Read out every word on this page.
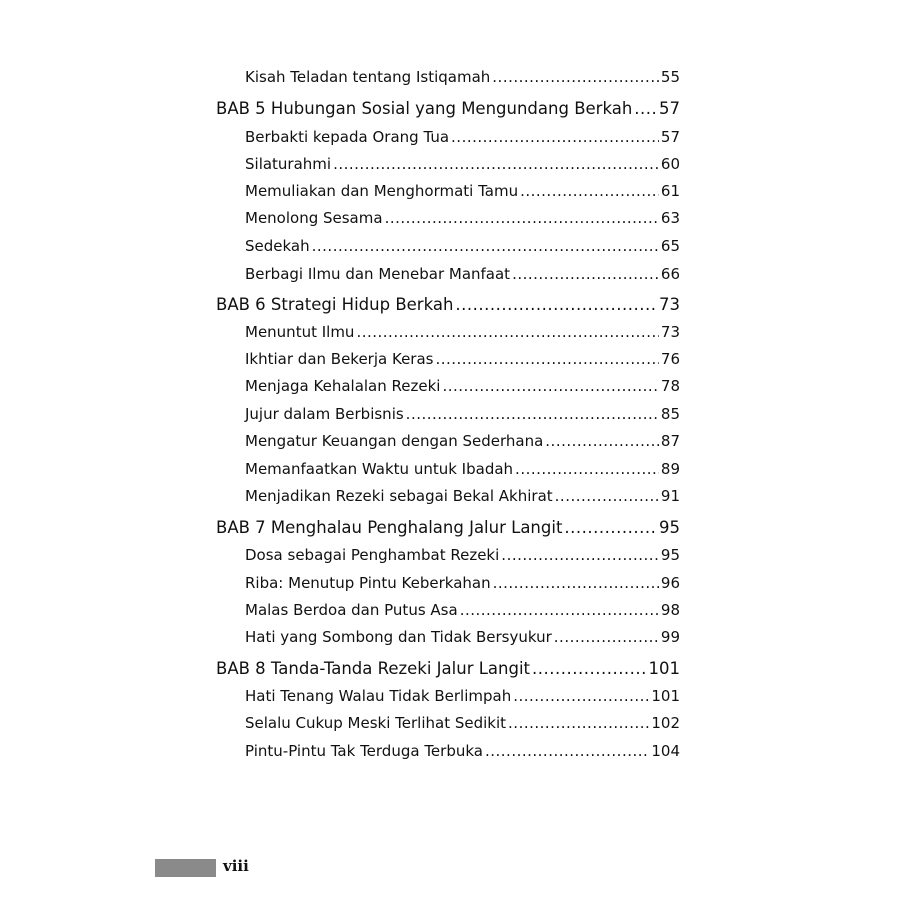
Kisah Teladan tentang Istiqamah .....	55
BAB 5 Hubungan Sosial yang Mengundang Berkah ..... 57
Berbakti kepada Orang Tua .....	57
Silaturahmi .....	60
Memuliakan dan Menghormati Tamu .....	61
Menolong Sesama .....	63
Sedekah .....	65
Berbagi Ilmu dan Menebar Manfaat .....	66
BAB 6 Strategi Hidup Berkah .....	73
Menuntut Ilmu .....	73
Ikhtiar dan Bekerja Keras .....	76
Menjaga Kehalalan Rezeki .....	78
Jujur dalam Berbisnis .....	85
Mengatur Keuangan dengan Sederhana .....	87
Memanfaatkan Waktu untuk Ibadah .....	89
Menjadikan Rezeki sebagai Bekal Akhirat .....	91
BAB 7 Menghalau Penghalang Jalur Langit .....	95
Dosa sebagai Penghambat Rezeki .....	95
Riba: Menutup Pintu Keberkahan .....	96
Malas Berdoa dan Putus Asa .....	98
Hati yang Sombong dan Tidak Bersyukur .....	99
BAB 8 Tanda-Tanda Rezeki Jalur Langit .....	101
Hati Tenang Walau Tidak Berlimpah .....	101
Selalu Cukup Meski Terlihat Sedikit .....	102
Pintu-Pintu Tak Terduga Terbuka .....	104
viii
